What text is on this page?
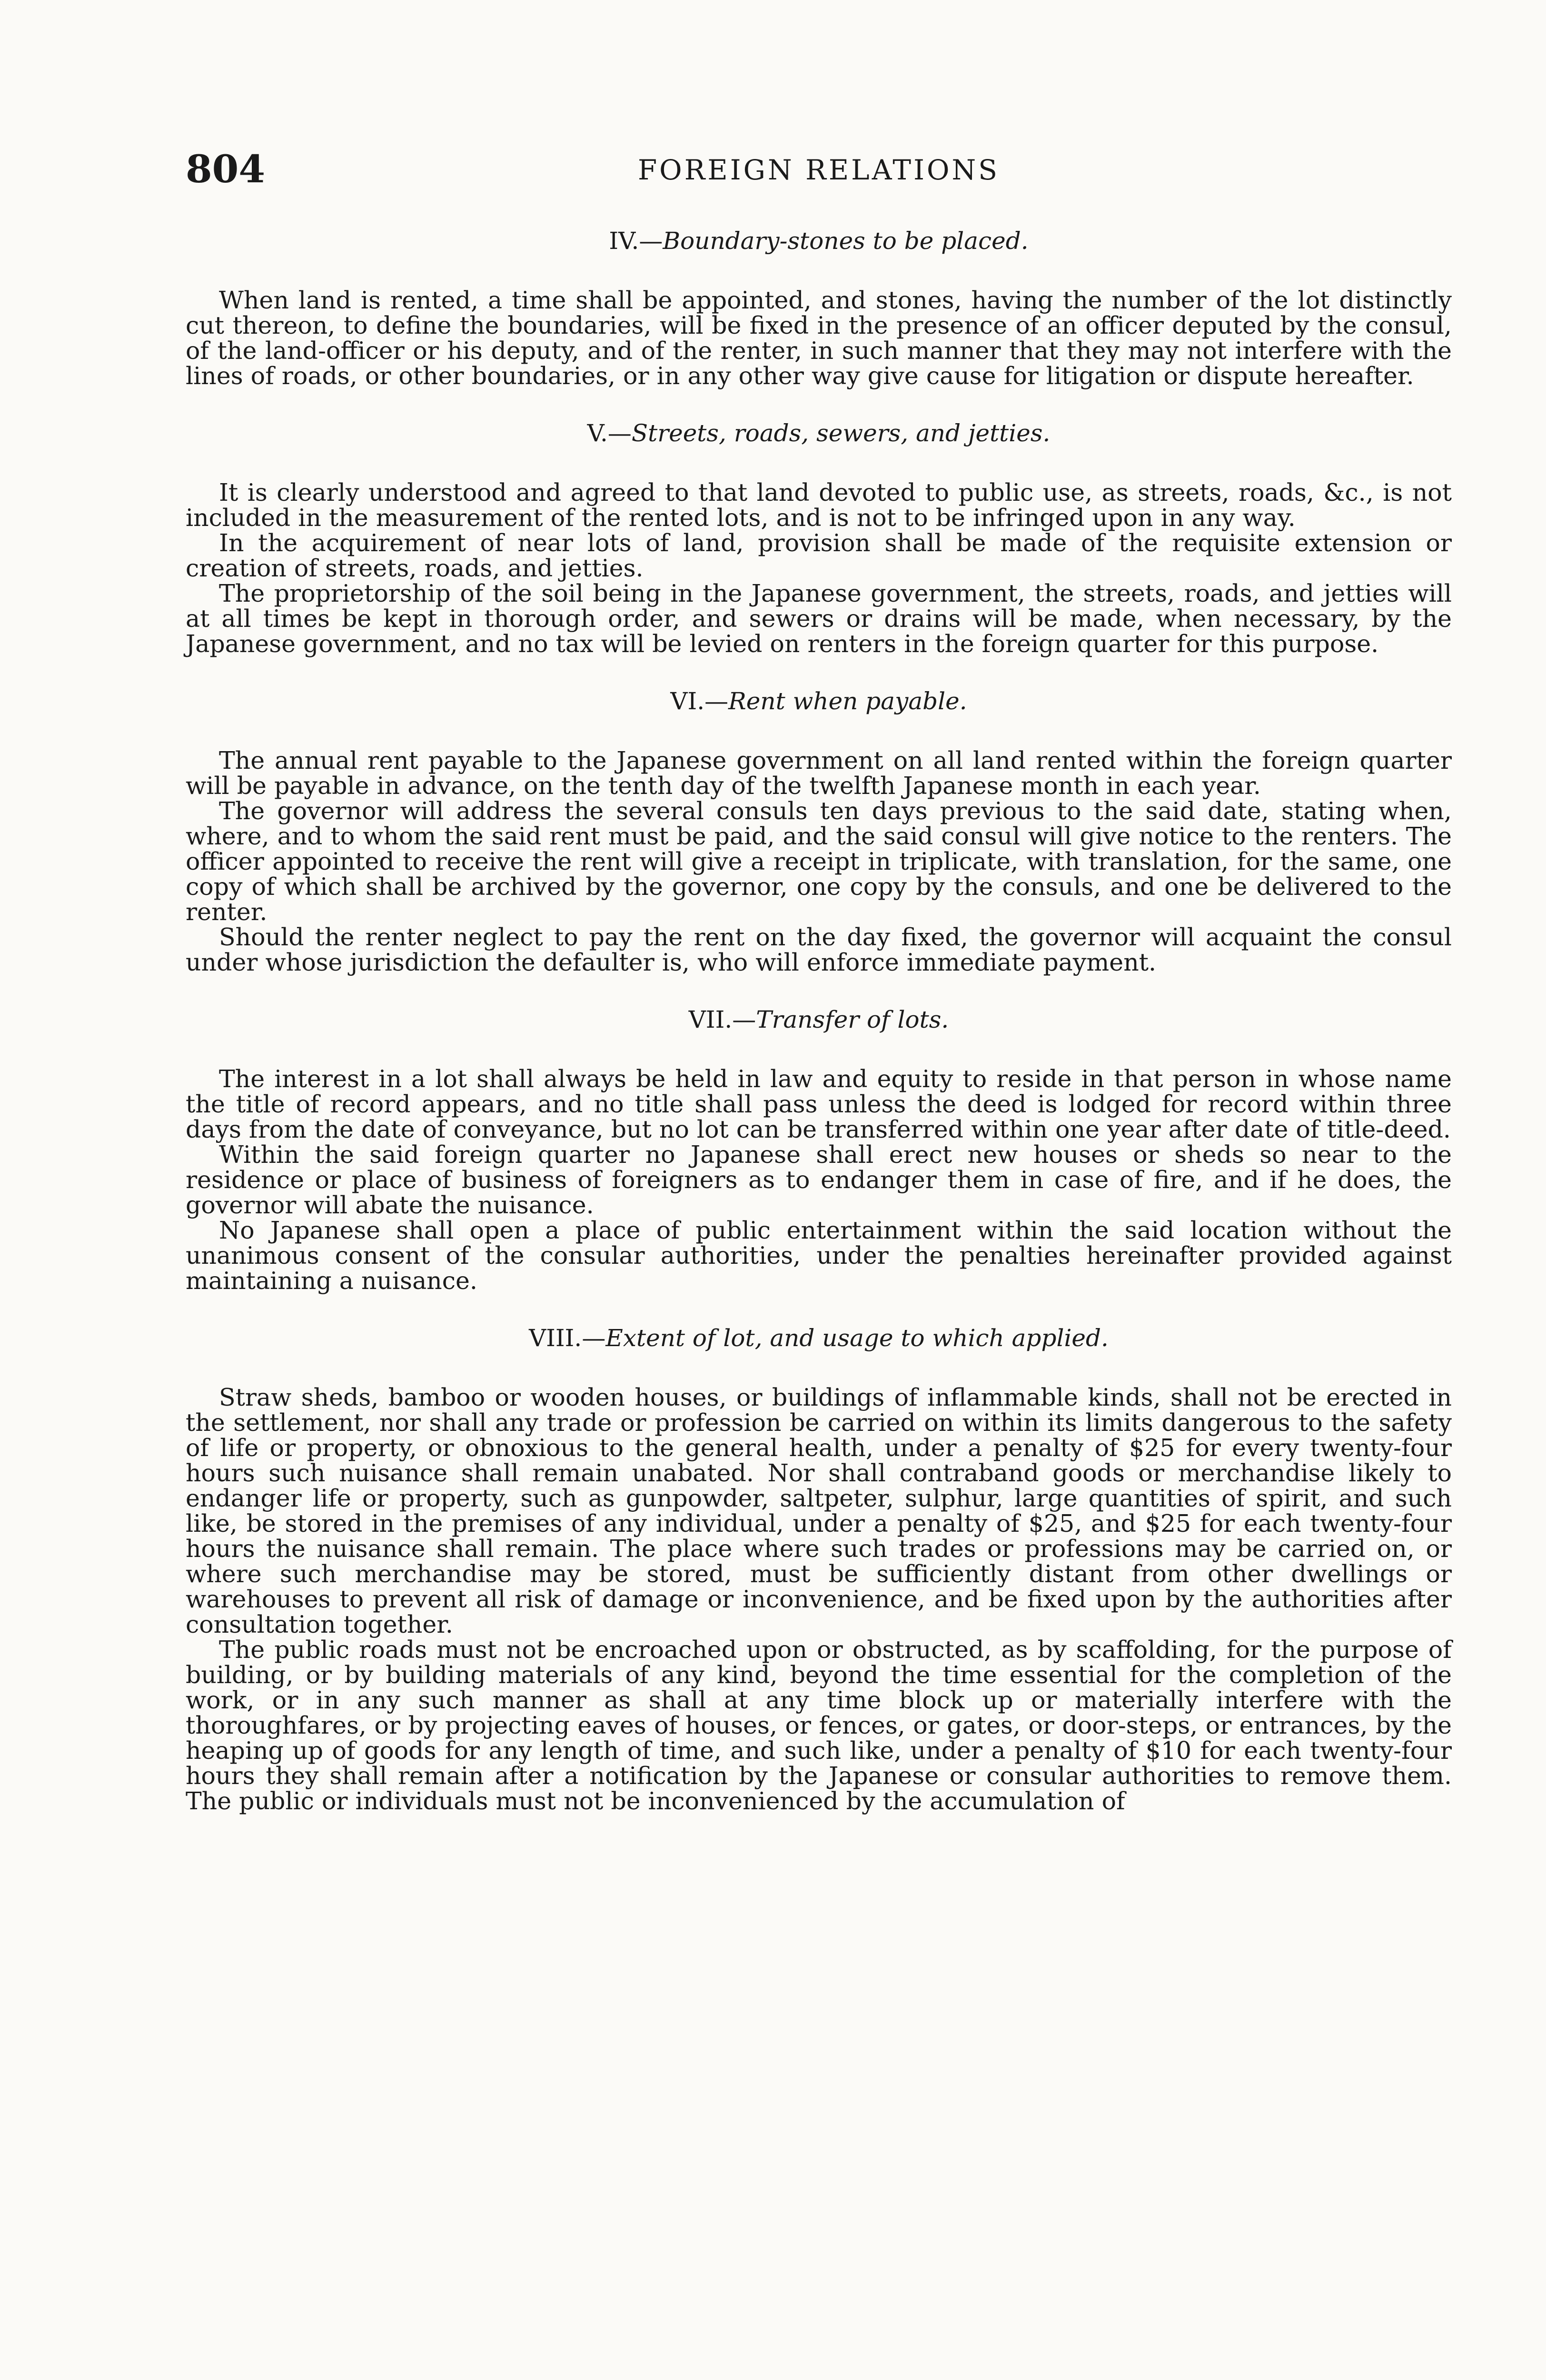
804	FOREIGN RELATIONS
IV.—Boundary-stones to be placed.

When land is rented, a time shall be appointed, and stones, having the number of the lot distinctly cut thereon, to define the boundaries, will be fixed in the presence of an officer deputed by the consul, of the land-officer or his deputy, and of the renter, in such manner that they may not interfere with the lines of roads, or other boundaries, or in any other way give cause for litigation or dispute hereafter.

V.—Streets, roads, sewers, and jetties.

It is clearly understood and agreed to that land devoted to public use, as streets, roads, &c., is not included in the measurement of the rented lots, and is not to be infringed upon in any way.

In the acquirement of near lots of land, provision shall be made of the requisite extension or creation of streets, roads, and jetties.

The proprietorship of the soil being in the Japanese government, the streets, roads, and jetties will at all times be kept in thorough order, and sewers or drains will be made, when necessary, by the Japanese government, and no tax will be levied on renters in the foreign quarter for this purpose.

VI.—Rent when payable.

The annual rent payable to the Japanese government on all land rented within the foreign quarter will be payable in advance, on the tenth day of the twelfth Japanese month in each year.

The governor will address the several consuls ten days previous to the said date, stating when, where, and to whom the said rent must be paid, and the said consul will give notice to the renters. The officer appointed to receive the rent will give a receipt in triplicate, with translation, for the same, one copy of which shall be archived by the governor, one copy by the consuls, and one be delivered to the renter.

Should the renter neglect to pay the rent on the day fixed, the governor will acquaint the consul under whose jurisdiction the defaulter is, who will enforce immediate payment.

VII.—Transfer of lots.

The interest in a lot shall always be held in law and equity to reside in that person in whose name the title of record appears, and no title shall pass unless the deed is lodged for record within three days from the date of conveyance, but no lot can be transferred within one year after date of title-deed.

Within the said foreign quarter no Japanese shall erect new houses or sheds so near to the residence or place of business of foreigners as to endanger them in case of fire, and if he does, the governor will abate the nuisance.

No Japanese shall open a place of public entertainment within the said location without the unanimous consent of the consular authorities, under the penalties hereinafter provided against maintaining a nuisance.

VIII.—Extent of lot, and usage to which applied.

Straw sheds, bamboo or wooden houses, or buildings of inflammable kinds, shall not be erected in the settlement, nor shall any trade or profession be carried on within its limits dangerous to the safety of life or property, or obnoxious to the general health, under a penalty of $25 for every twenty-four hours such nuisance shall remain unabated. Nor shall contraband goods or merchandise likely to endanger life or property, such as gunpowder, saltpeter, sulphur, large quantities of spirit, and such like, be stored in the premises of any individual, under a penalty of $25, and $25 for each twenty-four hours the nuisance shall remain. The place where such trades or professions may be carried on, or where such merchandise may be stored, must be sufficiently distant from other dwellings or warehouses to prevent all risk of damage or inconvenience, and be fixed upon by the authorities after consultation together.

The public roads must not be encroached upon or obstructed, as by scaffolding, for the purpose of building, or by building materials of any kind, beyond the time essential for the completion of the work, or in any such manner as shall at any time block up or materially interfere with the thoroughfares, or by projecting eaves of houses, or fences, or gates, or door-steps, or entrances, by the heaping up of goods for any length of time, and such like, under a penalty of $10 for each twenty-four hours they shall remain after a notification by the Japanese or consular authorities to remove them. The public or individuals must not be inconvenienced by the accumulation of
